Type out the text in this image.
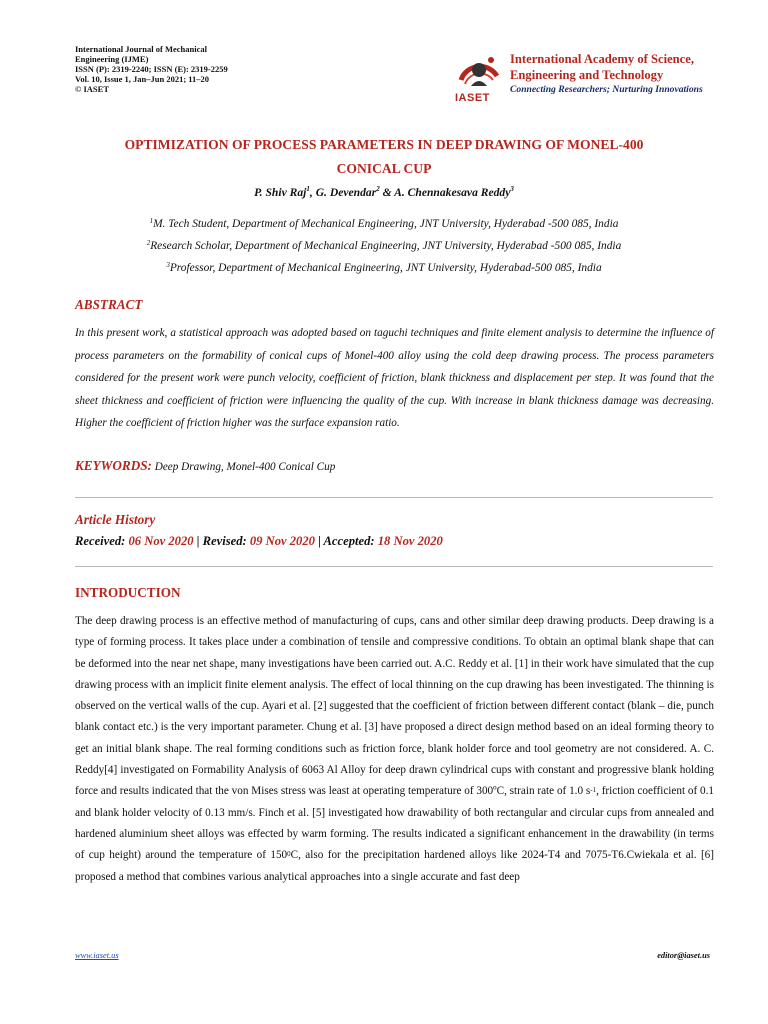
International Journal of Mechanical
Engineering (IJME)
ISSN (P): 2319-2240; ISSN (E): 2319-2259
Vol. 10, Issue 1, Jan–Jun 2021; 11–20
© IASET
IASET
International Academy of Science,
Engineering and Technology
Connecting Researchers; Nurturing Innovations
OPTIMIZATION OF PROCESS PARAMETERS IN DEEP DRAWING OF MONEL-400
CONICAL CUP
P. Shiv Raj$^1$, G. Devendar$^2$ & A. Chennakesava Reddy$^3$
$^1$M. Tech Student, Department of Mechanical Engineering, JNT University, Hyderabad -500 085, India
$^2$Research Scholar, Department of Mechanical Engineering, JNT University, Hyderabad -500 085, India
$^3$Professor, Department of Mechanical Engineering, JNT University, Hyderabad-500 085, India
ABSTRACT
In this present work, a statistical approach was adopted based on taguchi techniques and finite element analysis to determine the influence of process parameters on the formability of conical cups of Monel-400 alloy using the cold deep drawing process. The process parameters considered for the present work were punch velocity, coefficient of friction, blank thickness and displacement per step. It was found that the sheet thickness and coefficient of friction were influencing the quality of the cup. With increase in blank thickness damage was decreasing. Higher the coefficient of friction higher was the surface expansion ratio.
KEYWORDS: Deep Drawing, Monel-400 Conical Cup
Article History
Received: 06 Nov 2020 | Revised: 09 Nov 2020 | Accepted: 18 Nov 2020
INTRODUCTION
The deep drawing process is an effective method of manufacturing of cups, cans and other similar deep drawing products. Deep drawing is a type of forming process. It takes place under a combination of tensile and compressive conditions. To obtain an optimal blank shape that can be deformed into the near net shape, many investigations have been carried out. A.C. Reddy et al. [1] in their work have simulated that the cup drawing process with an implicit finite element analysis. The effect of local thinning on the cup drawing has been investigated. The thinning is observed on the vertical walls of the cup. Ayari et al. [2] suggested that the coefficient of friction between different contact (blank – die, punch blank contact etc.) is the very important parameter. Chung et al. [3] have proposed a direct design method based on an ideal forming theory to get an initial blank shape. The real forming conditions such as friction force, blank holder force and tool geometry are not considered. A. C. Reddy[4] investigated on Formability Analysis of 6063 Al Alloy for deep drawn cylindrical cups with constant and progressive blank holding force and results indicated that the von Mises stress was least at operating temperature of 300ºC, strain rate of 1.0 $s^{-1}$, friction coefficient of 0.1 and blank holder velocity of 0.13 mm/s. Finch et al. [5] investigated how drawability of both rectangular and circular cups from annealed and hardened aluminium sheet alloys was effected by warm forming. The results indicated a significant enhancement in the drawability (in terms of cup height) around the temperature of $150^0C$, also for the precipitation hardened alloys like 2024-T4 and 7075-T6.Cwiekala et al. [6] proposed a method that combines various analytical approaches into a single accurate and fast deep
www.iaset.us	editor@iaset.us
